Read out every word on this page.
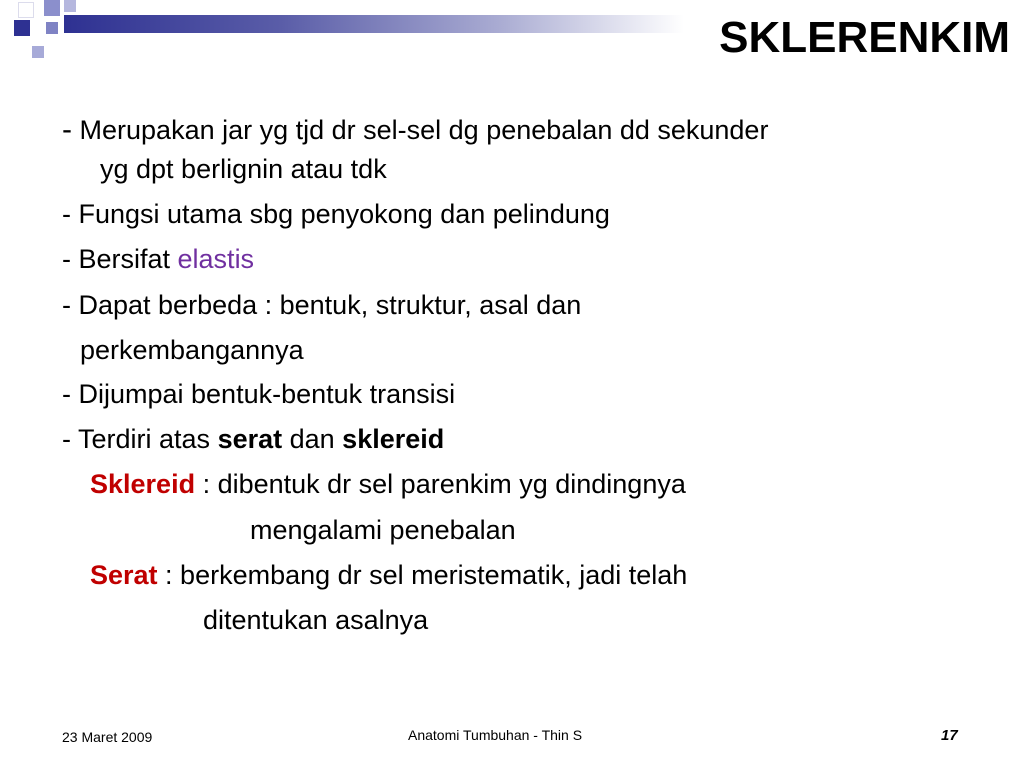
SKLERENKIM

- Merupakan jar yg tjd dr sel-sel dg penebalan dd sekunder

yg dpt berlignin atau tdk

- Fungsi utama sbg penyokong dan pelindung

- Bersifat elastis

- Dapat berbeda : bentuk, struktur, asal dan

perkembangannya

- Dijumpai bentuk-bentuk transisi

- Terdiri atas serat dan sklereid

Sklereid : dibentuk dr sel parenkim yg dindingnya

mengalami penebalan

Serat : berkembang dr sel meristematik, jadi telah

ditentukan asalnya

23 Maret 2009	Anatomi Tumbuhan - Thin S	17
